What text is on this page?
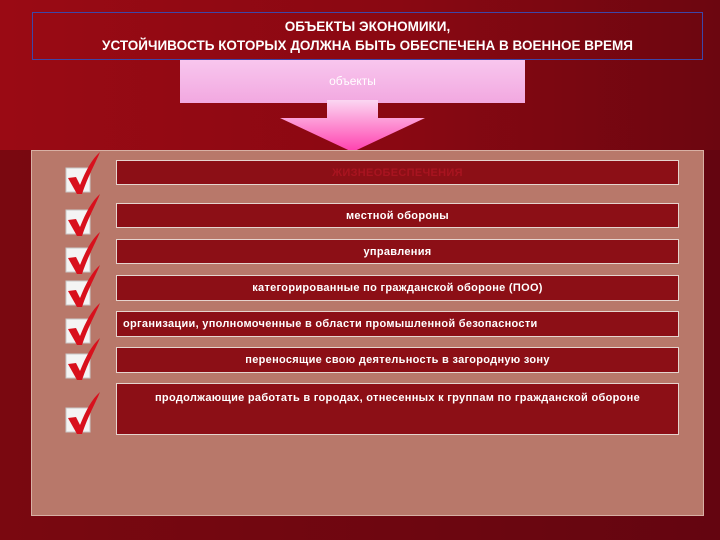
ОБЪЕКТЫ ЭКОНОМИКИ,
УСТОЙЧИВОСТЬ КОТОРЫХ ДОЛЖНА БЫТЬ ОБЕСПЕЧЕНА В ВОЕННОЕ ВРЕМЯ
объекты
ЖИЗНЕОБЕСПЕЧЕНИЯ
местной обороны
управления
категорированные по гражданской обороне (ПОО)
организации, уполномоченные в области промышленной безопасности
переносящие свою деятельность в загородную зону
продолжающие работать в городах, отнесенных к группам по гражданской обороне
